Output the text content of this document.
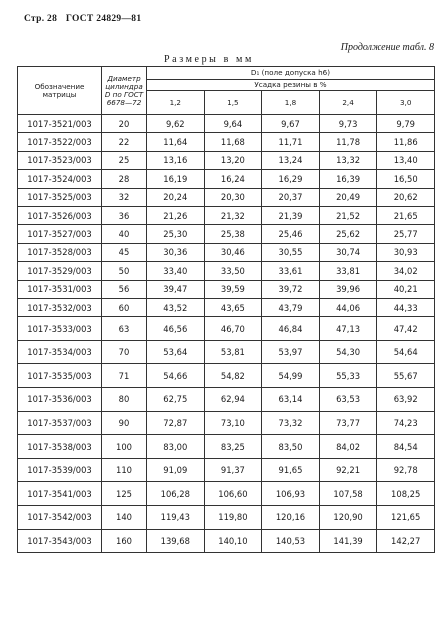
Стр. 28 ГОСТ 24829—81
Продолжение табл. 8
Размеры в мм
Обозначение матрицы	Диаметр цилиндра D по ГОСТ 6678—72	D₁ (поле допуска h6)				
		Усадка резины в %				
		1,2	1,5	1,8	2,4	3,0
1017-3521/003	20	9,62	9,64	9,67	9,73	9,79
1017-3522/003	22	11,64	11,68	11,71	11,78	11,86
1017-3523/003	25	13,16	13,20	13,24	13,32	13,40
1017-3524/003	28	16,19	16,24	16,29	16,39	16,50
1017-3525/003	32	20,24	20,30	20,37	20,49	20,62
1017-3526/003	36	21,26	21,32	21,39	21,52	21,65
1017-3527/003	40	25,30	25,38	25,46	25,62	25,77
1017-3528/003	45	30,36	30,46	30,55	30,74	30,93
1017-3529/003	50	33,40	33,50	33,61	33,81	34,02
1017-3531/003	56	39,47	39,59	39,72	39,96	40,21
1017-3532/003	60	43,52	43,65	43,79	44,06	44,33
1017-3533/003	63	46,56	46,70	46,84	47,13	47,42
1017-3534/003	70	53,64	53,81	53,97	54,30	54,64
1017-3535/003	71	54,66	54,82	54,99	55,33	55,67
1017-3536/003	80	62,75	62,94	63,14	63,53	63,92
1017-3537/003	90	72,87	73,10	73,32	73,77	74,23
1017-3538/003	100	83,00	83,25	83,50	84,02	84,54
1017-3539/003	110	91,09	91,37	91,65	92,21	92,78
1017-3541/003	125	106,28	106,60	106,93	107,58	108,25
1017-3542/003	140	119,43	119,80	120,16	120,90	121,65
1017-3543/003	160	139,68	140,10	140,53	141,39	142,27
